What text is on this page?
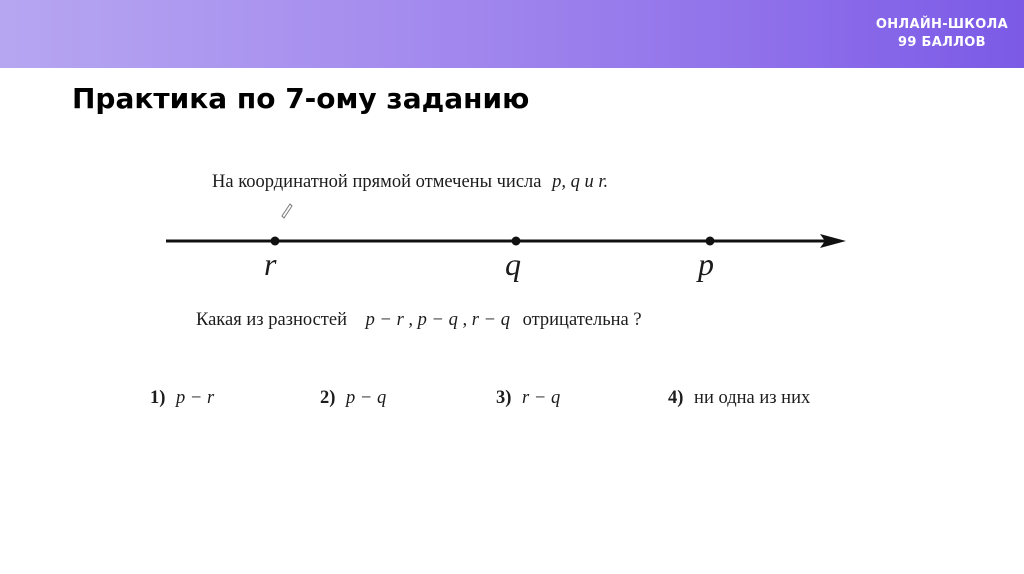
ОНЛАЙН-ШКОЛА
99 БАЛЛОВ
Практика по 7-ому заданию
На координатной прямой отмечены числа p, q и r.
r	q	p
Какая из разностей p − r , p − q , r − q отрицательна ?
1) p − r	2) p − q	3) r − q	4) ни одна из них
